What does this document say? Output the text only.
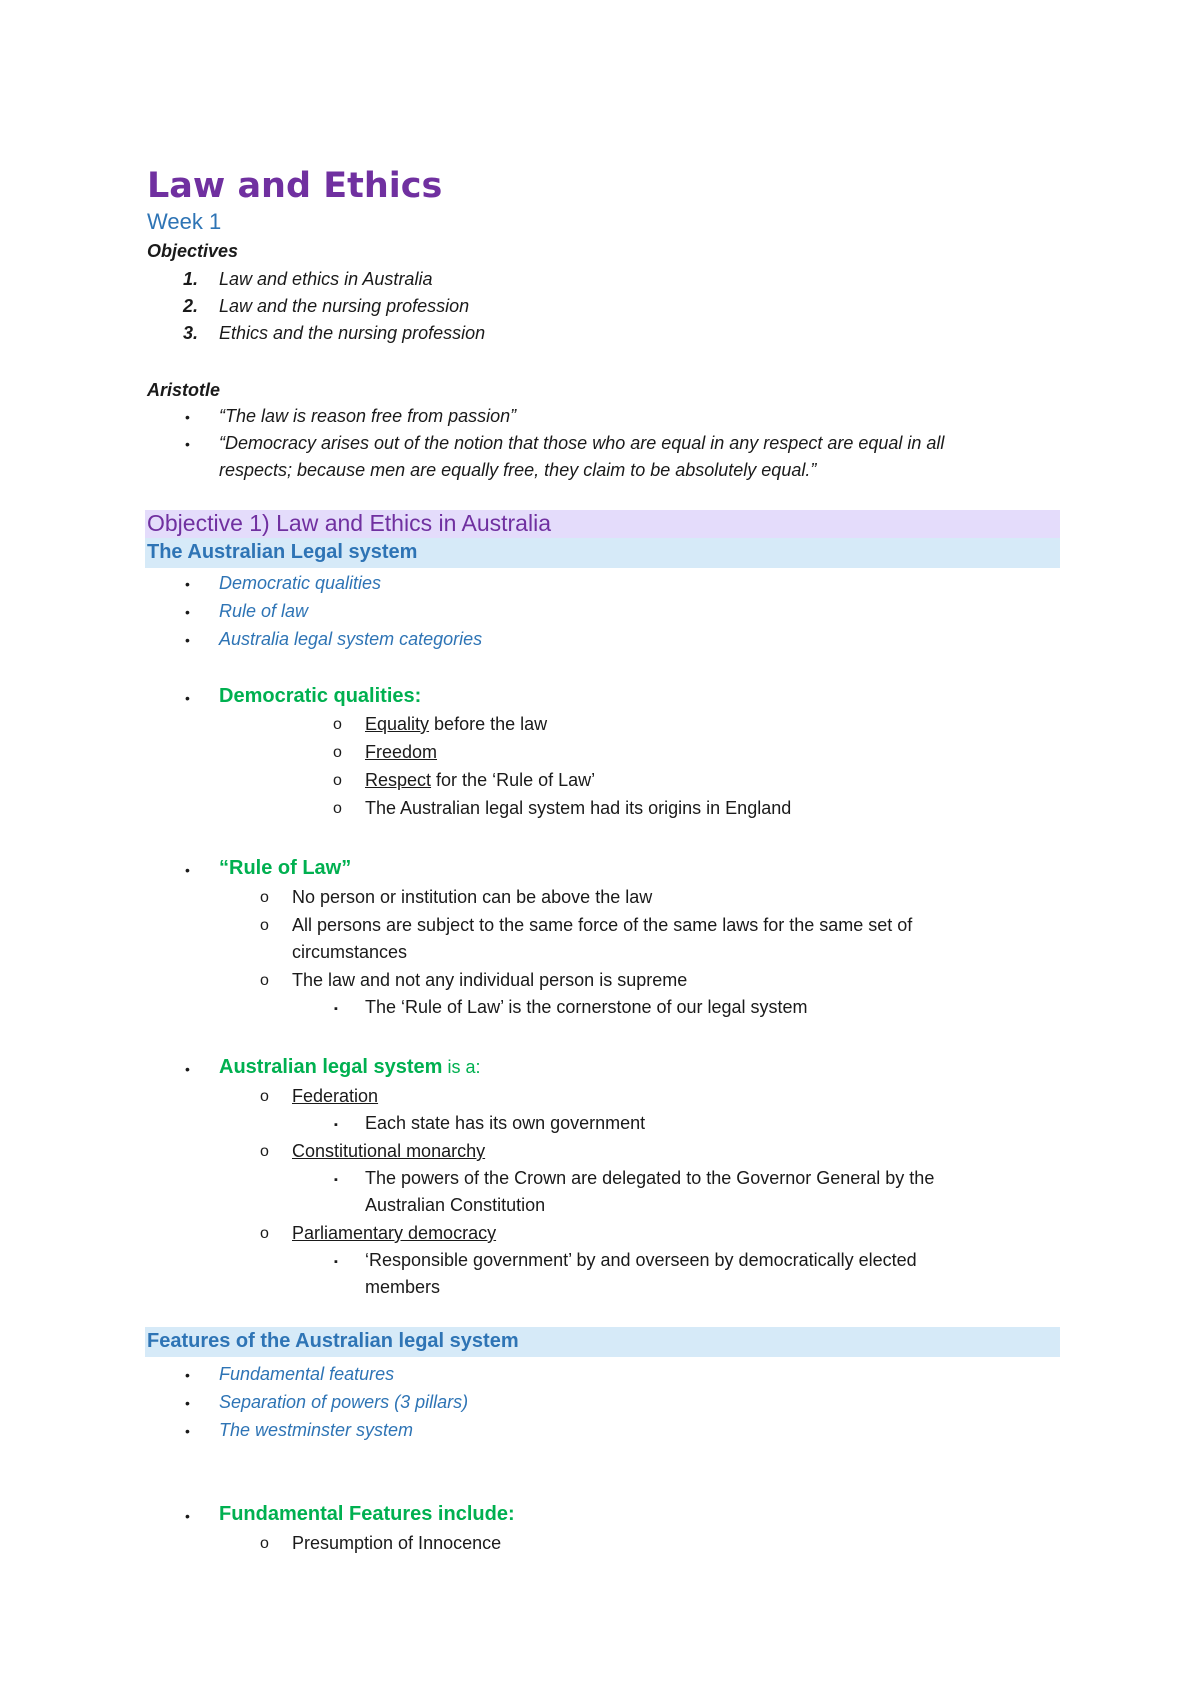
Law and Ethics
Week 1
Objectives
1. Law and ethics in Australia
2. Law and the nursing profession
3. Ethics and the nursing profession
Aristotle
• “The law is reason free from passion”
• “Democracy arises out of the notion that those who are equal in any respect are equal in all
respects; because men are equally free, they claim to be absolutely equal.”
Objective 1) Law and Ethics in Australia
The Australian Legal system
• Democratic qualities
• Rule of law
• Australia legal system categories
• Democratic qualities:
o Equality before the law
o Freedom
o Respect for the ‘Rule of Law’
o The Australian legal system had its origins in England
• “Rule of Law”
o No person or institution can be above the law
o All persons are subject to the same force of the same laws for the same set of
circumstances
o The law and not any individual person is supreme
▪ The ‘Rule of Law’ is the cornerstone of our legal system
• Australian legal system is a:
o Federation
▪ Each state has its own government
o Constitutional monarchy
▪ The powers of the Crown are delegated to the Governor General by the
Australian Constitution
o Parliamentary democracy
▪ ‘Responsible government’ by and overseen by democratically elected
members
Features of the Australian legal system
• Fundamental features
• Separation of powers (3 pillars)
• The westminster system
• Fundamental Features include:
o Presumption of Innocence
